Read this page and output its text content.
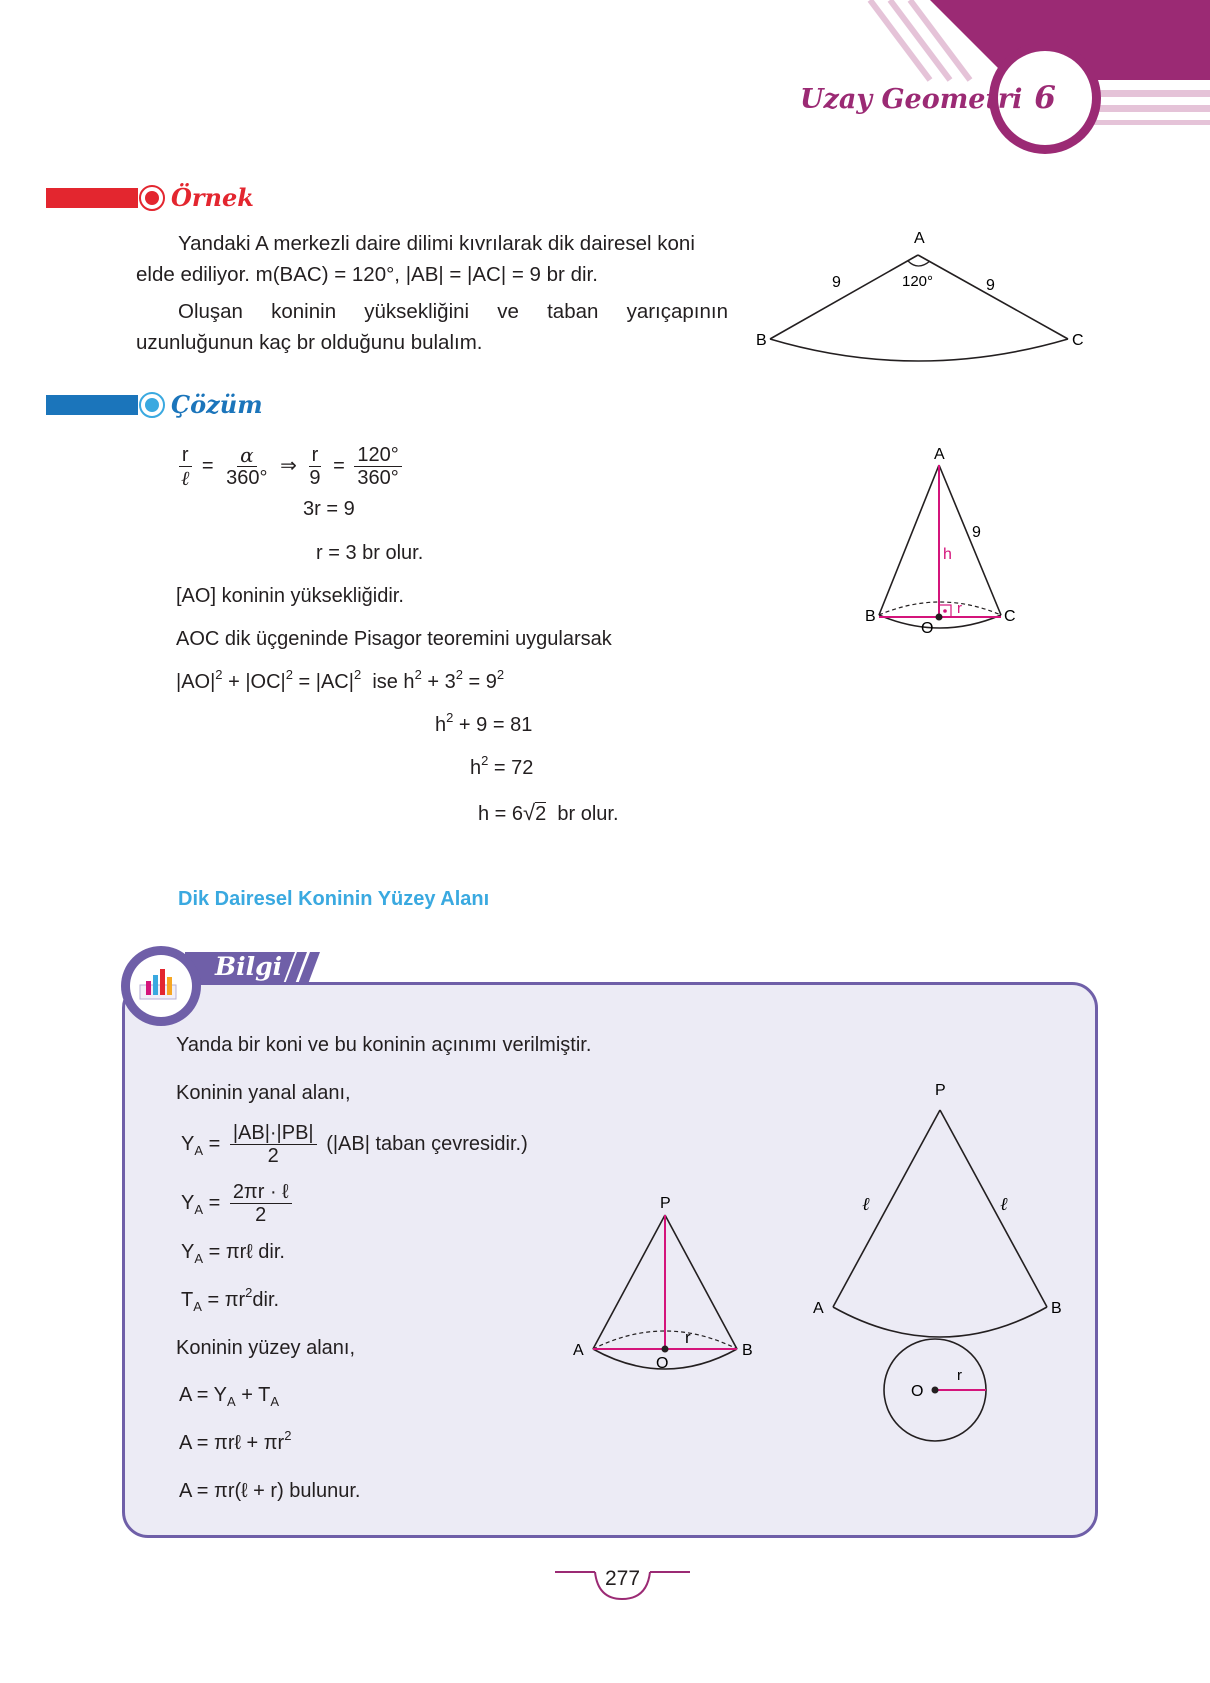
Uzay Geometri 6
Örnek
Yandaki A merkezli daire dilimi kıvrılarak dik dairesel koni
elde ediliyor. m(BAC) = 120°, |AB| = |AC| = 9 br dir.
Oluşan koninin yüksekliğini ve taban yarıçapının uzunluğunun kaç br olduğunu bulalım.
A
B	C
9	9
120°
Çözüm
$\frac{r}{\text{ℓ}} = \frac{\alpha}{360^\circ}$ ⇒ $\frac{r}{9} = \frac{120^\circ}{360^\circ}$
3r = 9
r = 3 br olur.
[AO] koninin yüksekliğidir.
AOC dik üçgeninde Pisagor teoremini uygularsak
$|AO|^2 + |OC|^2 = |AC|^2$ ise $h^2 + 3^2 = 9^2$
$h^2 + 9 = 81$
$h^2 = 72$
h = 6√2 br olur.
A
B	C
O
h
r
9
Dik Dairesel Koninin Yüzey Alanı
Bilgi
Yanda bir koni ve bu koninin açınımı verilmiştir.
Koninin yanal alanı,
$Y_A = \frac{|AB|\cdot|PB|}{2} (|AB|$ taban çevresidir.)
$Y_A = \frac{\text{2πr · ℓ}}{2}$
$Y_A$ = πrℓ dir.
$T_A = \pi r^2dir$.
Koninin yüzey alanı,
$A = Y_A + T_A$
A = πrℓ + $\pi r^2$
A = πr(ℓ + r) bulunur.
P
A	B
O
r
P
A	B
O
r
ℓ	ℓ
277
